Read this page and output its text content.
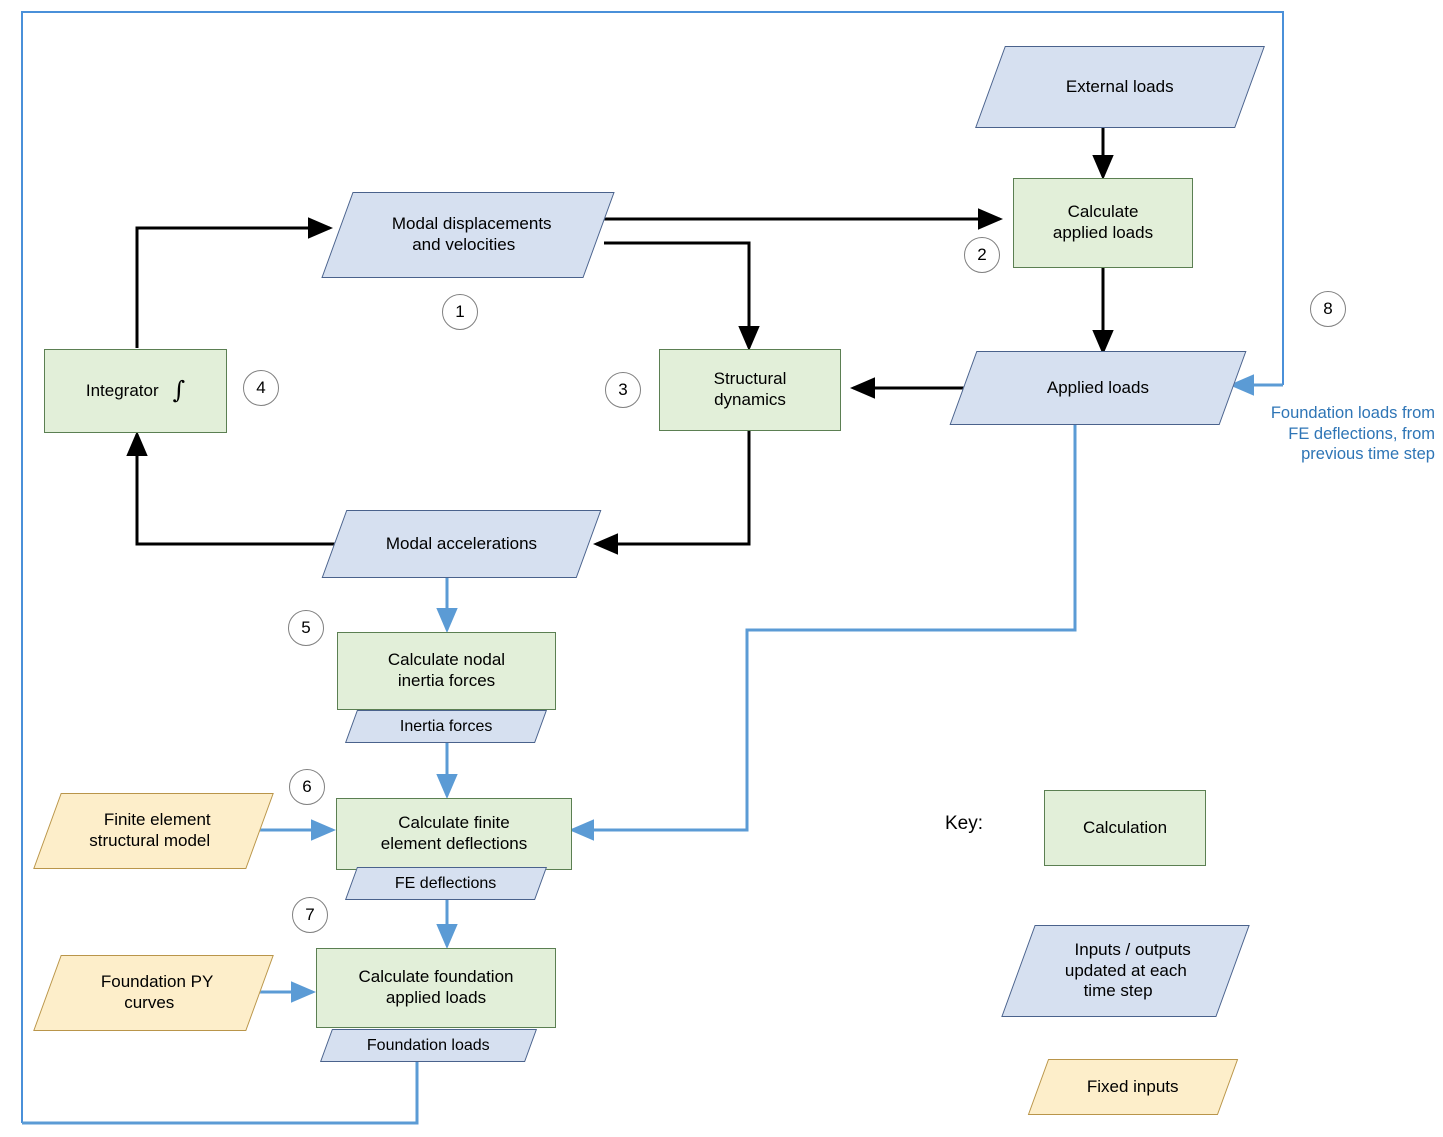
External loads
Calculate
applied loads
Modal displacements
and velocities
Applied loads
Structural
dynamics
Integrator ∫
Modal accelerations
Calculate nodal
inertia forces
Inertia forces
Calculate finite
element deflections
FE deflections
Calculate foundation
applied loads
Foundation loads
Finite element
structural model
Foundation PY
curves
1
2
3
4
5
6
7
8
Foundation loads from
FE deflections, from
previous time step
Key:	Calculation
Inputs / outputs
updated at each
time step
Fixed inputs
